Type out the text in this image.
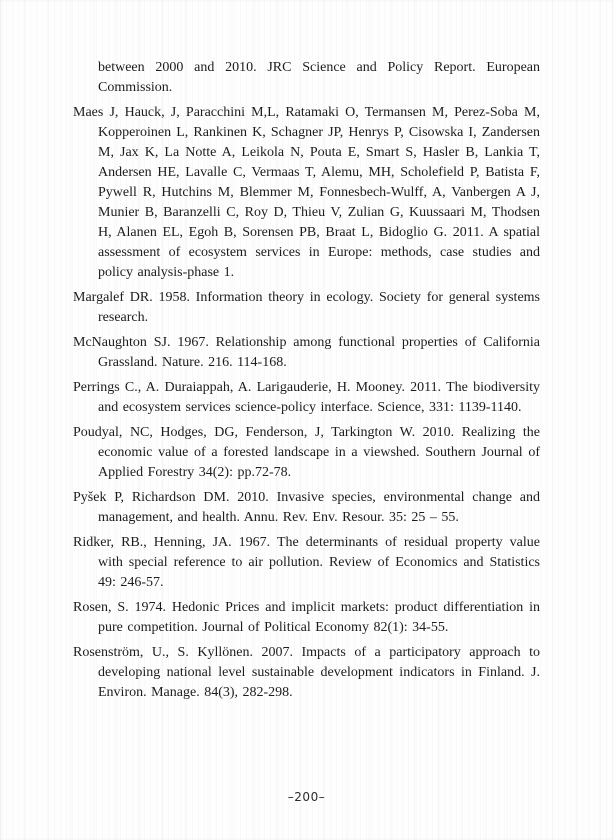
between 2000 and 2010. JRC Science and Policy Report. European Commission.

Maes J, Hauck, J, Paracchini M,L, Ratamaki O, Termansen M, Perez-Soba M, Kopperoinen L, Rankinen K, Schagner JP, Henrys P, Cisowska I, Zandersen M, Jax K, La Notte A, Leikola N, Pouta E, Smart S, Hasler B, Lankia T, Andersen HE, Lavalle C, Vermaas T, Alemu, MH, Scholefield P, Batista F, Pywell R, Hutchins M, Blemmer M, Fonnesbech-Wulff, A, Vanbergen A J, Munier B, Baranzelli C, Roy D, Thieu V, Zulian G, Kuussaari M, Thodsen H, Alanen EL, Egoh B, Sorensen PB, Braat L, Bidoglio G. 2011. A spatial assessment of ecosystem services in Europe: methods, case studies and policy analysis-phase 1.

Margalef DR. 1958. Information theory in ecology. Society for general systems research.

McNaughton SJ. 1967. Relationship among functional properties of California Grassland. Nature. 216. 114-168.

Perrings C., A. Duraiappah, A. Larigauderie, H. Mooney. 2011. The biodiversity and ecosystem services science-policy interface. Science, 331: 1139-1140.

Poudyal, NC, Hodges, DG, Fenderson, J, Tarkington W. 2010. Realizing the economic value of a forested landscape in a viewshed. Southern Journal of Applied Forestry 34(2): pp.72-78.

Pyšek P, Richardson DM. 2010. Invasive species, environmental change and management, and health. Annu. Rev. Env. Resour. 35: 25 – 55.

Ridker, RB., Henning, JA. 1967. The determinants of residual property value with special reference to air pollution. Review of Economics and Statistics 49: 246-57.

Rosen, S. 1974. Hedonic Prices and implicit markets: product differentiation in pure competition. Journal of Political Economy 82(1): 34-55.

Rosenström, U., S. Kyllönen. 2007. Impacts of a participatory approach to developing national level sustainable development indicators in Finland. J. Environ. Manage. 84(3), 282-298.

–200–
